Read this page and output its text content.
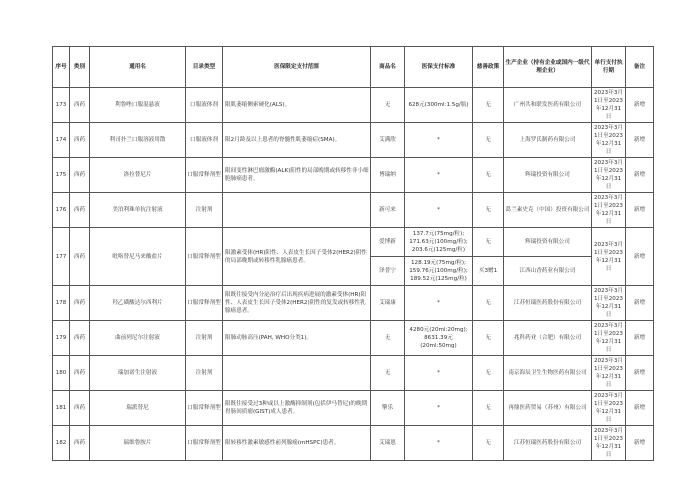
序号	类别	通用名	目录类型	医保限定支付范围	商品名	医保支付标准	慈善政策	生产企业（持有企业或国内一级代理企业）	单行支付执行期	备注
173	西药	利鲁唑口服混悬液	口服液体剂	限肌萎缩侧索硬化(ALS)。	无	628元(300ml:1.5g/瓶)	无	广州共和联发医药有限公司	2023年3月1日至2023年12月31日	新增
174	西药	利司扑兰口服溶液用散	口服液体剂	限2月龄及以上患者的脊髓性肌萎缩症(SMA)。	艾满欣	*	无	上海罗氏制药有限公司	2023年3月1日至2023年12月31日	新增
175	西药	洛拉替尼片	口服常释剂型	限间变性淋巴瘤激酶(ALK)阳性的局部晚期或转移性非小细胞肺癌患者。	博瑞纳	*	无	辉瑞投资有限公司	2023年3月1日至2023年12月31日	新增
176	西药	美泊利珠单抗注射液	注射剂		新可来	*	无	葛兰素史克（中国）投资有限公司	2023年3月1日至2023年12月31日	新增
177	西药	吡咯替尼马来酸盐片	口服常释剂型	限激素受体(HR)阳性、人表皮生长因子受体2(HER2)阴性的局部晚期或转移性乳腺癌患者。	爱博新	137.7元(75mg/粒); 171.63元(100mg/粒); 203.6元(125mg/粒)	无	辉瑞投资有限公司	2023年3月1日至2023年12月31日	新增
					泽普宁	128.19元(75mg/粒); 159.76元(100mg/粒); 189.52元(125mg/粒)	买3赠1	江西山香药业有限公司		
178	西药	羟乙磺酸达尔西利片	口服常释剂型	限既往接受内分泌治疗后出现疾病进展的激素受体(HR)阳性、人表皮生长因子受体2(HER2)阴性的复发或转移性乳腺癌患者。	艾瑞康	*	无	江苏恒瑞医药股份有限公司	2023年3月1日至2023年12月31日	新增
179	西药	曲前列尼尔注射液	注射剂	限肺动脉高压(PAH, WHO分类1)。	无	4280元(20ml:20mg); 8631.39元(20ml:50mg)	无	兆科药业（合肥）有限公司	2023年3月1日至2023年12月31日	新增
180	西药	瑞加诺生注射液	注射剂		无	*	无	南京海辰卫生生物医药有限公司	2023年3月1日至2023年12月31日	新增
181	西药	瑞派替尼	口服常释剂型	限既往接受过3种或以上激酶抑制剂(包括伊马替尼)的晚期胃肠间质瘤(GIST)成人患者。	擎乐	*	无	再鼎医药贸易（苏州）有限公司	2023年3月1日至2023年12月31日	新增
182	西药	瑞维鲁胺片	口服常释剂型	限转移性激素敏感性前列腺癌(mHSPC)患者。	艾瑞恩	*	无	江苏恒瑞医药股份有限公司	2023年3月1日至2023年12月31日	新增
